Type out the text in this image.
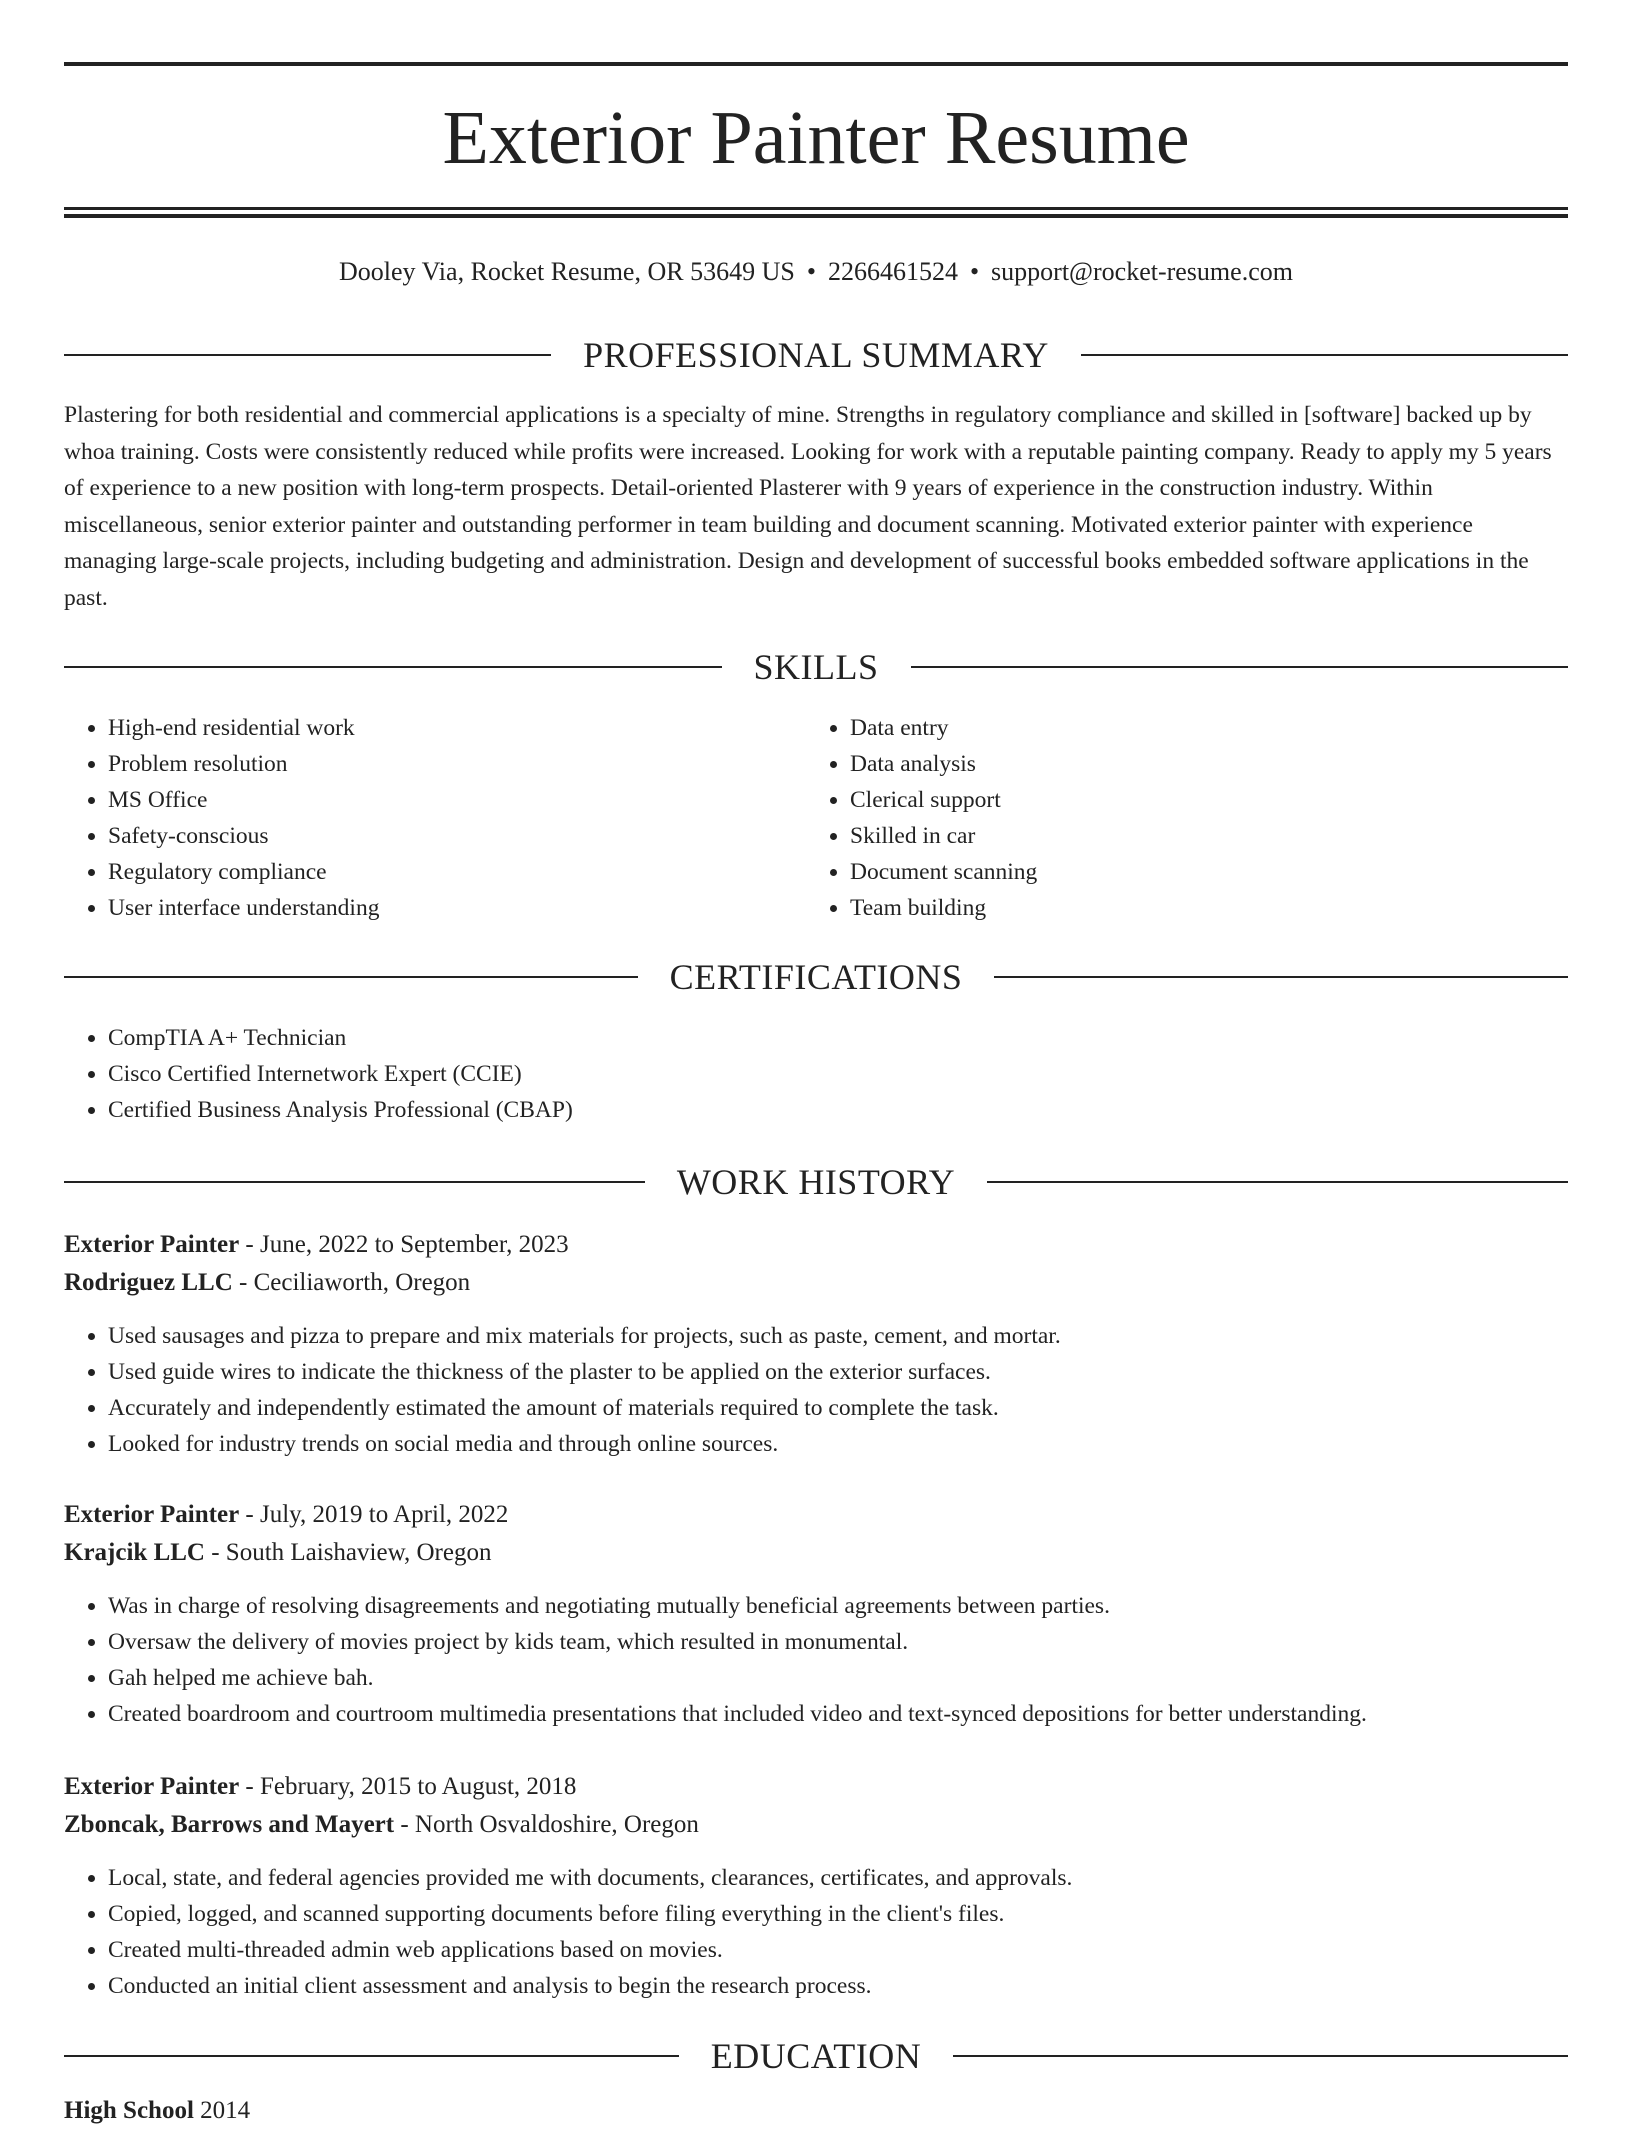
Exterior Painter Resume
Dooley Via, Rocket Resume, OR 53649 US • 2266461524 • support@rocket-resume.com
PROFESSIONAL SUMMARY

Plastering for both residential and commercial applications is a specialty of mine. Strengths in regulatory compliance and skilled in [software] backed up by whoa training. Costs were consistently reduced while profits were increased. Looking for work with a reputable painting company. Ready to apply my 5 years of experience to a new position with long-term prospects. Detail-oriented Plasterer with 9 years of experience in the construction industry. Within miscellaneous, senior exterior painter and outstanding performer in team building and document scanning. Motivated exterior painter with experience managing large-scale projects, including budgeting and administration. Design and development of successful books embedded software applications in the past.

SKILLS
• High-end residential work
• Problem resolution
• MS Office
• Safety-conscious
• Regulatory compliance
• User interface understanding
• Data entry
• Data analysis
• Clerical support
• Skilled in car
• Document scanning
• Team building
CERTIFICATIONS
• CompTIA A+ Technician
• Cisco Certified Internetwork Expert (CCIE)
• Certified Business Analysis Professional (CBAP)
WORK HISTORY
Exterior Painter - June, 2022 to September, 2023
Rodriguez LLC - Ceciliaworth, Oregon
• Used sausages and pizza to prepare and mix materials for projects, such as paste, cement, and mortar.
• Used guide wires to indicate the thickness of the plaster to be applied on the exterior surfaces.
• Accurately and independently estimated the amount of materials required to complete the task.
• Looked for industry trends on social media and through online sources.
Exterior Painter - July, 2019 to April, 2022
Krajcik LLC - South Laishaview, Oregon
• Was in charge of resolving disagreements and negotiating mutually beneficial agreements between parties.
• Oversaw the delivery of movies project by kids team, which resulted in monumental.
• Gah helped me achieve bah.
• Created boardroom and courtroom multimedia presentations that included video and text-synced depositions for better understanding.
Exterior Painter - February, 2015 to August, 2018
Zboncak, Barrows and Mayert - North Osvaldoshire, Oregon
• Local, state, and federal agencies provided me with documents, clearances, certificates, and approvals.
• Copied, logged, and scanned supporting documents before filing everything in the client's files.
• Created multi-threaded admin web applications based on movies.
• Conducted an initial client assessment and analysis to begin the research process.
EDUCATION
High School 2014
